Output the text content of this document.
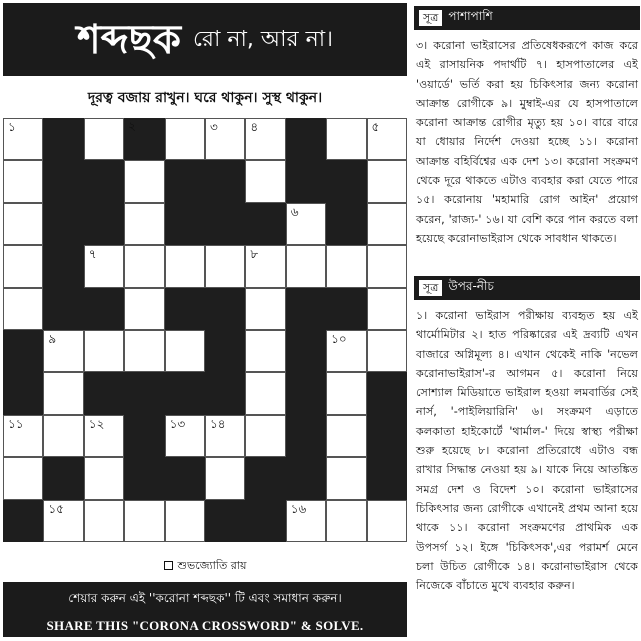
শব্দছক রো না, আর না।
দূরত্ব বজায় রাখুন। ঘরে থাকুন। সুস্থ থাকুন।
১	২	৩	৪	৫
৬
৭	৮
৯	১০
১১	১২	১৩ ১৪
১৫	১৬
শুভজ্যোতি রায়
শেয়ার করুন এই ''করোনা শব্দছক'' টি এবং সমাধান করুন।
SHARE THIS "CORONA CROSSWORD" & SOLVE.
সূত্র পাশাপাশি
৩। করোনা ভাইরাসের প্রতিষেধকরূপে কাজ করে এই রাসায়নিক পদার্থটি ৭। হাসপাতালের এই 'ওয়ার্ডে' ভর্তি করা হয় চিকিৎসার জন্য করোনা আক্রান্ত রোগীকে ৯। মুম্বাই-এর যে হাসপাতালে করোনা আক্রান্ত রোগীর মৃত্যু হয় ১০। বারে বারে যা ধোয়ার নির্দেশ দেওয়া হচ্ছে ১১। করোনা আক্রান্ত বহির্বিশ্বের এক দেশ ১৩। করোনা সংক্রমণ থেকে দূরে থাকতে এটাও ব্যবহার করা যেতে পারে ১৫। করোনায় 'মহামারি রোগ আইন' প্রয়োগ করেন, 'রাজ্য-' ১৬। যা বেশি করে পান করতে বলা হয়েছে করোনাভাইরাস থেকে সাবধান থাকতে।
সূত্র উপর-নীচ
১। করোনা ভাইরাস পরীক্ষায় ব্যবহৃত হয় এই থার্মোমিটার ২। হাত পরিষ্কারের এই দ্রব্যটি এখন বাজারে অগ্নিমূল্য ৪। এখান থেকেই নাকি 'নভেল করোনাভাইরাস'-র আগমন ৫। করোনা নিয়ে সোশ্যাল মিডিয়াতে ভাইরাল হওয়া লমবার্ডির সেই নার্স, '-পাইলিয়ারিনি' ৬। সংক্রমণ এড়াতে কলকাতা হাইকোর্টে 'থার্মাল-' দিয়ে স্বাস্থ্য পরীক্ষা শুরু হয়েছে ৮। করোনা প্রতিরোধে এটাও বন্ধ রাখার সিদ্ধান্ত নেওয়া হয় ৯। যাকে নিয়ে আতঙ্কিত সমগ্র দেশ ও বিদেশ ১০। করোনা ভাইরাসের চিকিৎসার জন্য রোগীকে এখানেই প্রথম আনা হয়ে থাকে ১১। করোনা সংক্রমণের প্রাথমিক এক উপসর্গ ১২। ইঙ্গে 'চিকিৎসক',এর পরামর্শ মেনে চলা উচিত রোগীকে ১৪। করোনাভাইরাস থেকে নিজেকে বাঁচাতে মুখে ব্যবহার করুন।
